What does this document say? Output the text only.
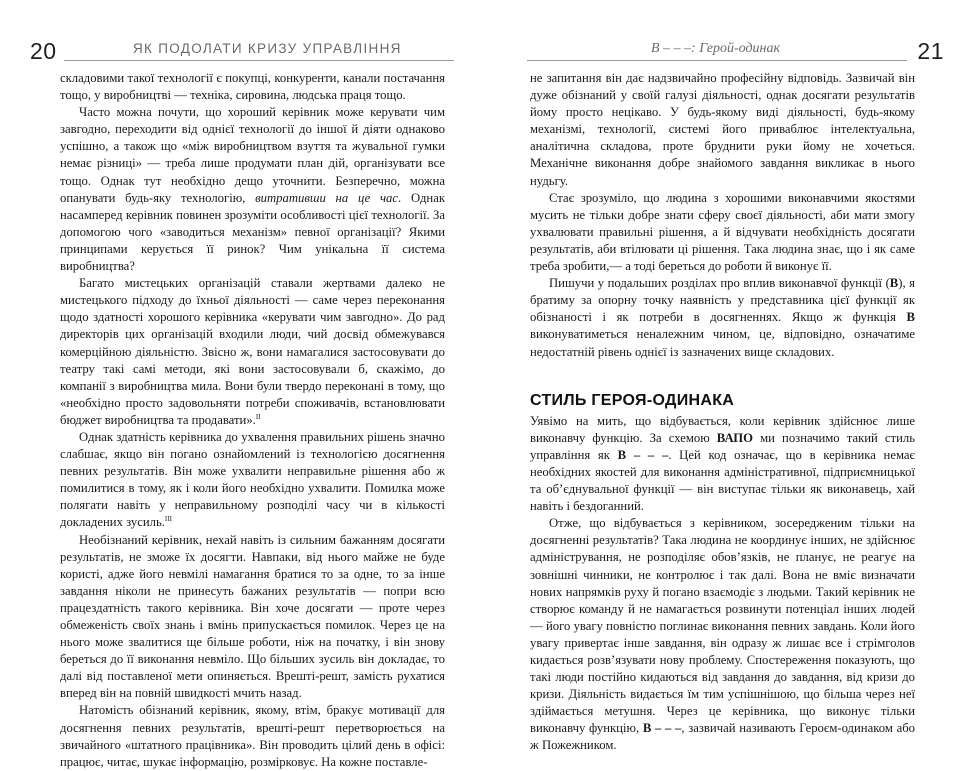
20	ЯК ПОДОЛАТИ КРИЗУ УПРАВЛІННЯ

складовими такої технології є покупці, конкуренти, канали постачання тощо, у виробництві — техніка, сировина, людська праця тощо.

Часто можна почути, що хороший керівник може керувати чим завгодно, переходити від однієї технології до іншої й діяти однаково успішно, а також що «між виробництвом взуття та жувальної гумки немає різниці» — треба лише продумати план дій, організувати все тощо. Однак тут необхідно дещо уточнити. Безперечно, можна опанувати будь-яку технологію, витративши на це час. Однак насамперед керівник повинен зрозуміти особливості цієї технології. За допомогою чого «заводиться механізм» певної організації? Якими принципами керується її ринок? Чим унікальна її система виробництва?

Багато мистецьких організацій ставали жертвами далеко не мистецького підходу до їхньої діяльності — саме через переконання щодо здатності хорошого керівника «керувати чим завгодно». До рад директорів цих організацій входили люди, чий досвід обмежувався комерційною діяльністю. Звісно ж, вони намагалися застосовувати до театру такі самі методи, які вони застосовували б, скажімо, до компанії з виробництва мила. Вони були твердо переконані в тому, що «необхідно просто задовольняти потреби споживачів, встановлювати бюджет виробництва та продавати».$^{II}$

Однак здатність керівника до ухвалення правильних рішень значно слабшає, якщо він погано ознайомлений із технологією досягнення певних результатів. Він може ухвалити неправильне рішення або ж помилитися в тому, як і коли його необхідно ухвалити. Помилка може полягати навіть у неправильному розподілі часу чи в кількості докладених зусиль.$^{III}$

Необізнаний керівник, нехай навіть із сильним бажанням досягати результатів, не зможе їх досягти. Навпаки, від нього майже не буде користі, адже його невмілі намагання братися то за одне, то за інше завдання ніколи не принесуть бажаних результатів — попри всю працездатність такого керівника. Він хоче досягати — проте через обмеженість своїх знань і вмінь припускається помилок. Через це на нього може звалитися ще більше роботи, ніж на початку, і він знову береться до її виконання невміло. Що більших зусиль він докладає, то далі від поставленої мети опиняється. Врешті-решт, замість рухатися вперед він на повній швидкості мчить назад.

Натомість обізнаний керівник, якому, втім, бракує мотивації для досягнення певних результатів, врешті-решт перетворюється на звичайного «штатного працівника». Він проводить цілий день в офісі: працює, читає, шукає інформацію, розмірковує. На кожне поставле-

В – – –: Герой-одинак	21

не запитання він дає надзвичайно професійну відповідь. Зазвичай він дуже обізнаний у своїй галузі діяльності, однак досягати результатів йому просто нецікаво. У будь-якому виді діяльності, будь-якому механізмі, технології, системі його приваблює інтелектуальна, аналітична складова, проте бруднити руки йому не хочеться. Механічне виконання добре знайомого завдання викликає в нього нудьгу.

Стає зрозуміло, що людина з хорошими виконавчими якостями мусить не тільки добре знати сферу своєї діяльності, аби мати змогу ухвалювати правильні рішення, а й відчувати необхідність досягати результатів, аби втілювати ці рішення. Така людина знає, що і як саме треба зробити,— а тоді береться до роботи й виконує її.

Пишучи у подальших розділах про вплив виконавчої функції (В), я братиму за опорну точку наявність у представника цієї функції як обізнаності і як потреби в досягненнях. Якщо ж функція В виконуватиметься неналежним чином, це, відповідно, означатиме недостатній рівень однієї із зазначених вище складових.

СТИЛЬ ГЕРОЯ-ОДИНАКА

Уявімо на мить, що відбувається, коли керівник здійснює лише виконавчу функцію. За схемою ВАПО ми позначимо такий стиль управління як В – – –. Цей код означає, що в керівника немає необхідних якостей для виконання адміністративної, підприємницької та об’єднувальної функції — він виступає тільки як виконавець, хай навіть і бездоганний.

Отже, що відбувається з керівником, зосередженим тільки на досягненні результатів? Така людина не координує інших, не здійснює адміністрування, не розподіляє обов’язків, не планує, не реагує на зовнішні чинники, не контролює і так далі. Вона не вміє визначати нових напрямків руху й погано взаємодіє з людьми. Такий керівник не створює команду й не намагається розвинути потенціал інших людей — його увагу повністю поглинає виконання певних завдань. Коли його увагу привертає інше завдання, він одразу ж лишає все і стрімголов кидається розв’язувати нову проблему. Спостереження показують, що такі люди постійно кидаються від завдання до завдання, від кризи до кризи. Діяльність видається їм тим успішнішою, що більша через неї здіймається метушня. Через це керівника, що виконує тільки виконавчу функцію, В – – –, зазвичай називають Героєм-одинаком або ж Пожежником.
